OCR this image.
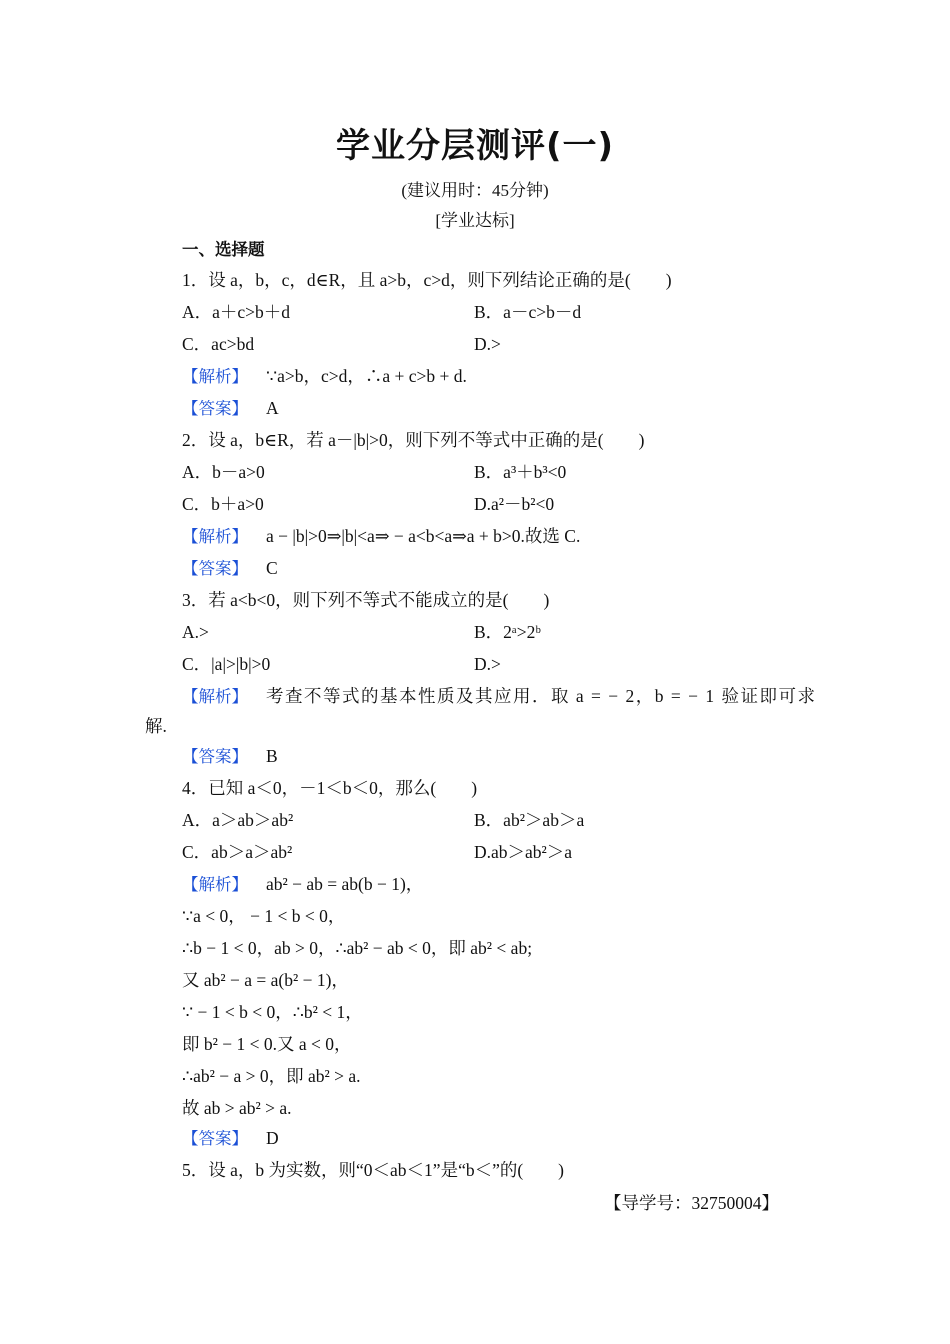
学业分层测评(一)
(建议用时：45分钟)
[学业达标]
一、选择题
1．设 a，b，c，d∈R，且 a>b，c>d，则下列结论正确的是(　　)
A．a＋c>b＋d	B．a－c>b－d
C．ac>bd	D.>
【解析】 ∵a>b，c>d，∴a + c>b + d.
【答案】 A
2．设 a，b∈R，若 a－|b|>0，则下列不等式中正确的是(　　)
A．b－a>0	B．a³＋b³<0
C．b＋a>0	D.a²－b²<0
【解析】 a − |b|>0⇒|b|<a⇒ − a<b<a⇒a + b>0.故选 C.
【答案】 C
3．若 a<b<0，则下列不等式不能成立的是(　　)
A.>	B．2ᵃ>2ᵇ
C．|a|>|b|>0	D.>
【解析】 考查不等式的基本性质及其应用．取 a = − 2，b = − 1 验证即可求
解.
【答案】 B
4．已知 a＜0，－1＜b＜0，那么(　　)
A．a＞ab＞ab²	B．ab²＞ab＞a
C．ab＞a＞ab²	D.ab＞ab²＞a
【解析】 ab² − ab = ab(b − 1)，
∵a < 0， − 1 < b < 0，
∴b − 1 < 0，ab > 0，∴ab² − ab < 0，即 ab² < ab;
又 ab² − a = a(b² − 1)，
∵ − 1 < b < 0，∴b² < 1，
即 b² − 1 < 0.又 a < 0，
∴ab² − a > 0，即 ab² > a.
故 ab > ab² > a.
【答案】 D
5．设 a，b 为实数，则“0＜ab＜1”是“b＜”的(　　)
【导学号：32750004】
